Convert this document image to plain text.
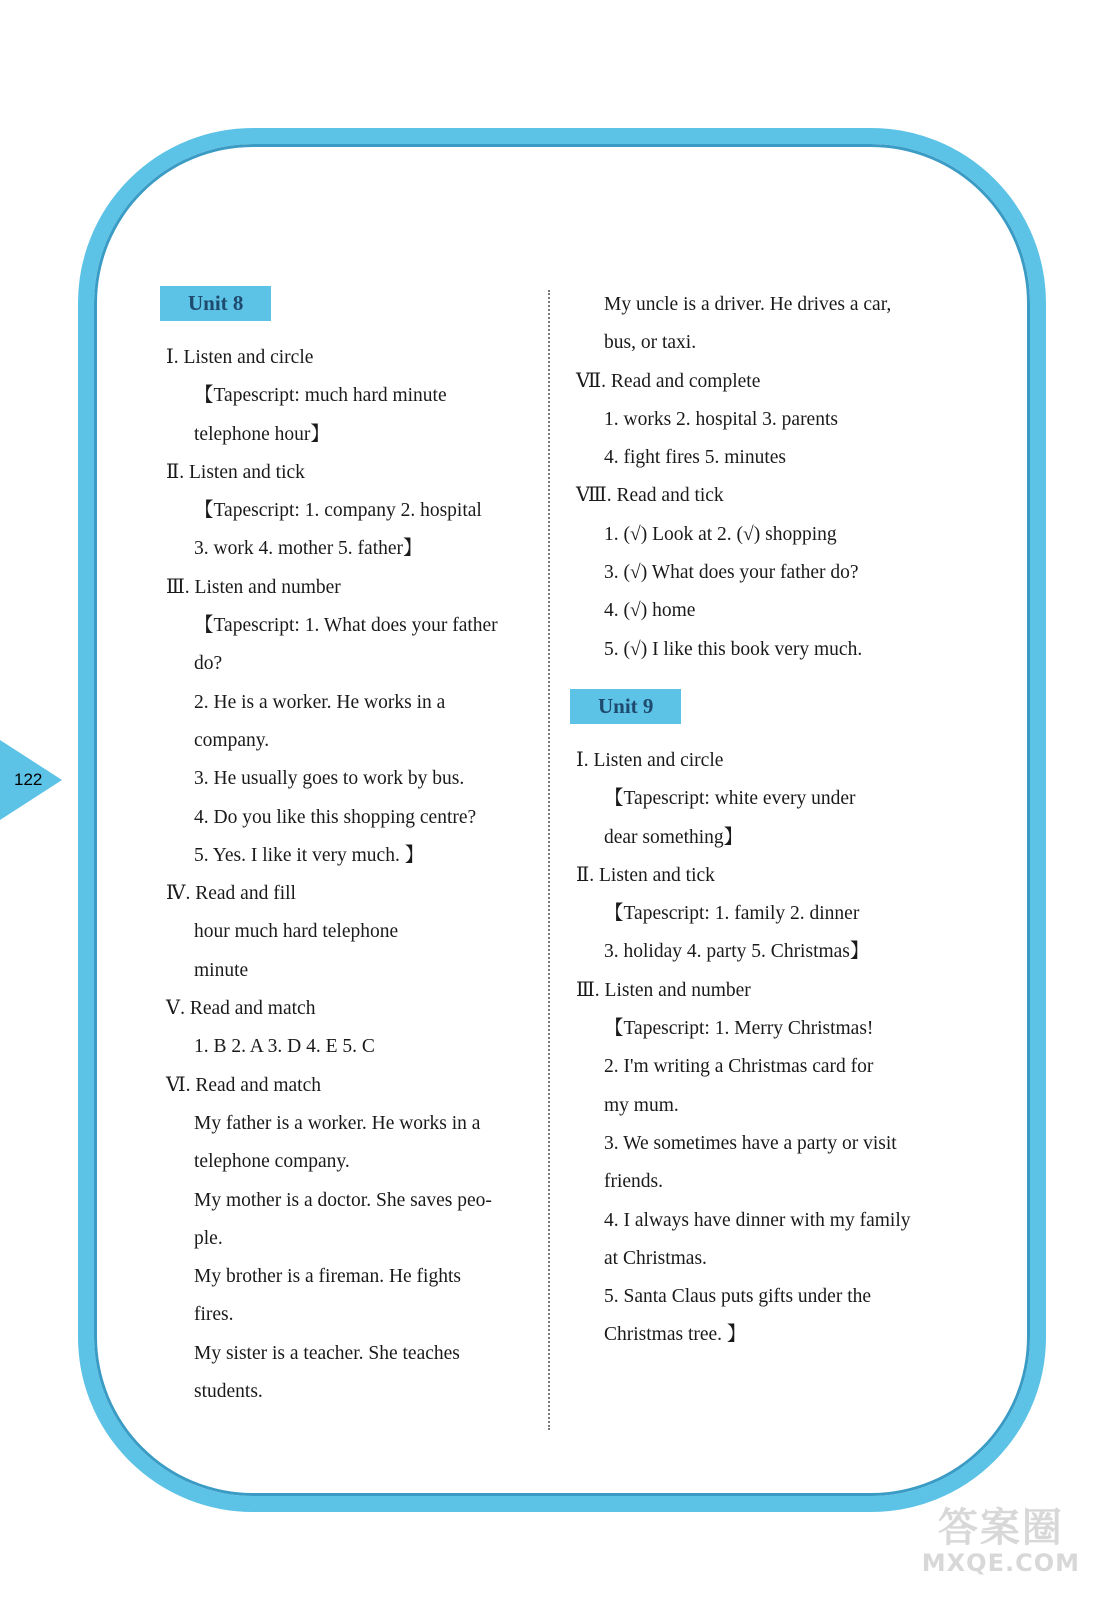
122
Unit 8
Ⅰ. Listen and circle
【Tapescript: much hard minute
telephone hour】
Ⅱ. Listen and tick
【Tapescript: 1. company 2. hospital
3. work 4. mother 5. father】
Ⅲ. Listen and number
【Tapescript: 1. What does your father
do?
2. He is a worker. He works in a
company.
3. He usually goes to work by bus.
4. Do you like this shopping centre?
5. Yes. I like it very much. 】
Ⅳ. Read and fill
hour much hard telephone
minute
Ⅴ. Read and match
1. B 2. A 3. D 4. E 5. C
Ⅵ. Read and match
My father is a worker. He works in a
telephone company.
My mother is a doctor. She saves peo-
ple.
My brother is a fireman. He fights
fires.
My sister is a teacher. She teaches
students.
My uncle is a driver. He drives a car,
bus, or taxi.
Ⅶ. Read and complete
1. works 2. hospital 3. parents
4. fight fires 5. minutes
Ⅷ. Read and tick
1. (√) Look at 2. (√) shopping
3. (√) What does your father do?
4. (√) home
5. (√) I like this book very much.
Unit 9
Ⅰ. Listen and circle
【Tapescript: white every under
dear something】
Ⅱ. Listen and tick
【Tapescript: 1. family 2. dinner
3. holiday 4. party 5. Christmas】
Ⅲ. Listen and number
【Tapescript: 1. Merry Christmas!
2. I'm writing a Christmas card for
my mum.
3. We sometimes have a party or visit
friends.
4. I always have dinner with my family
at Christmas.
5. Santa Claus puts gifts under the
Christmas tree. 】
答案圈
MXQE.COM
